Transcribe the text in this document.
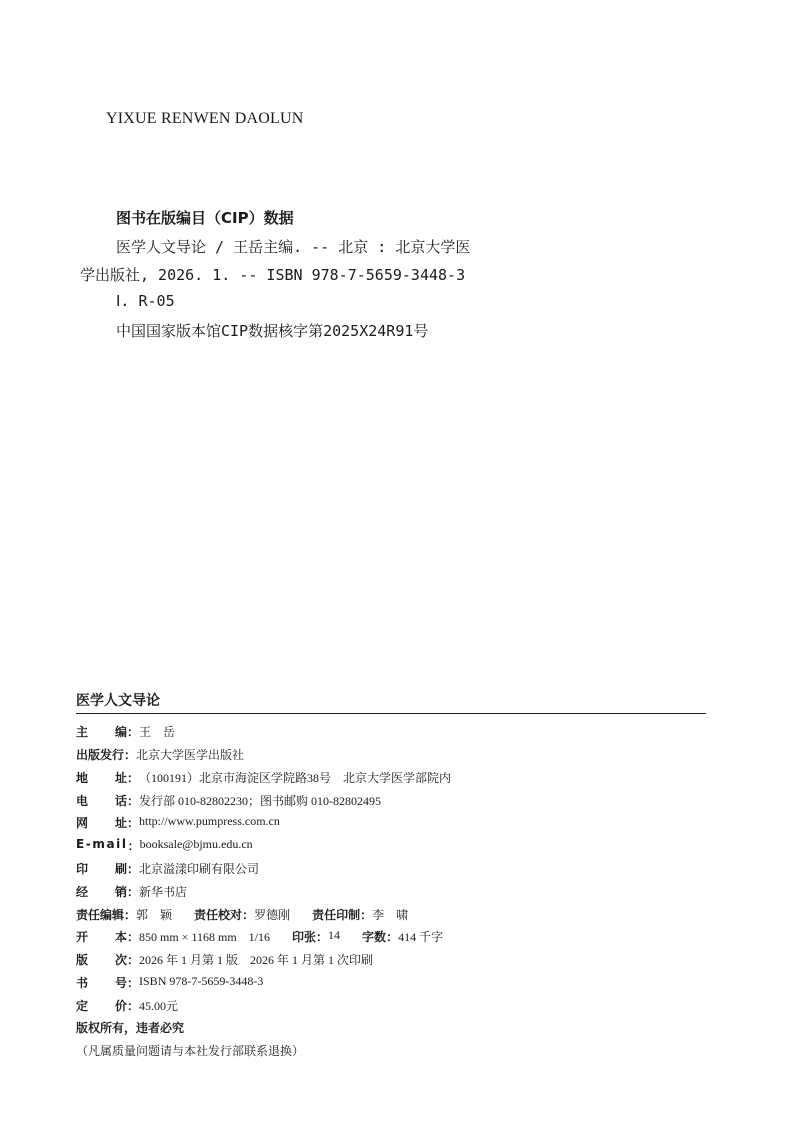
YIXUE RENWEN DAOLUN
图书在版编目（CIP）数据
医学人文导论 / 王岳主编. -- 北京 : 北京大学医
学出版社, 2026. 1. -- ISBN 978-7-5659-3448-3
Ⅰ. R-05
中国国家版本馆CIP数据核字第2025X24R91号
医学人文导论
主 编 ： 王　岳
出版发行 ： 北京大学医学出版社
地 址 ： （100191）北京市海淀区学院路38号　北京大学医学部院内
电 话 ： 发行部 010-82802230；图书邮购 010-82802495
网 址 ： http://www.pumpress.com.cn
E-mail ： booksale@bjmu.edu.cn
印 刷 ： 北京溢漾印刷有限公司
经 销 ： 新华书店
责任编辑 ： 郭　颖 责任校对 ： 罗德刚 责任印制 ： 李　啸
开 本 ： 850 mm × 1168 mm　1/16 印张 ： 14 字数 ： 414 千字
版 次 ： 2026 年 1 月第 1 版　2026 年 1 月第 1 次印刷
书 号 ： ISBN 978-7-5659-3448-3
定 价 ： 45.00元
版权所有，违者必究
（凡属质量问题请与本社发行部联系退换）
